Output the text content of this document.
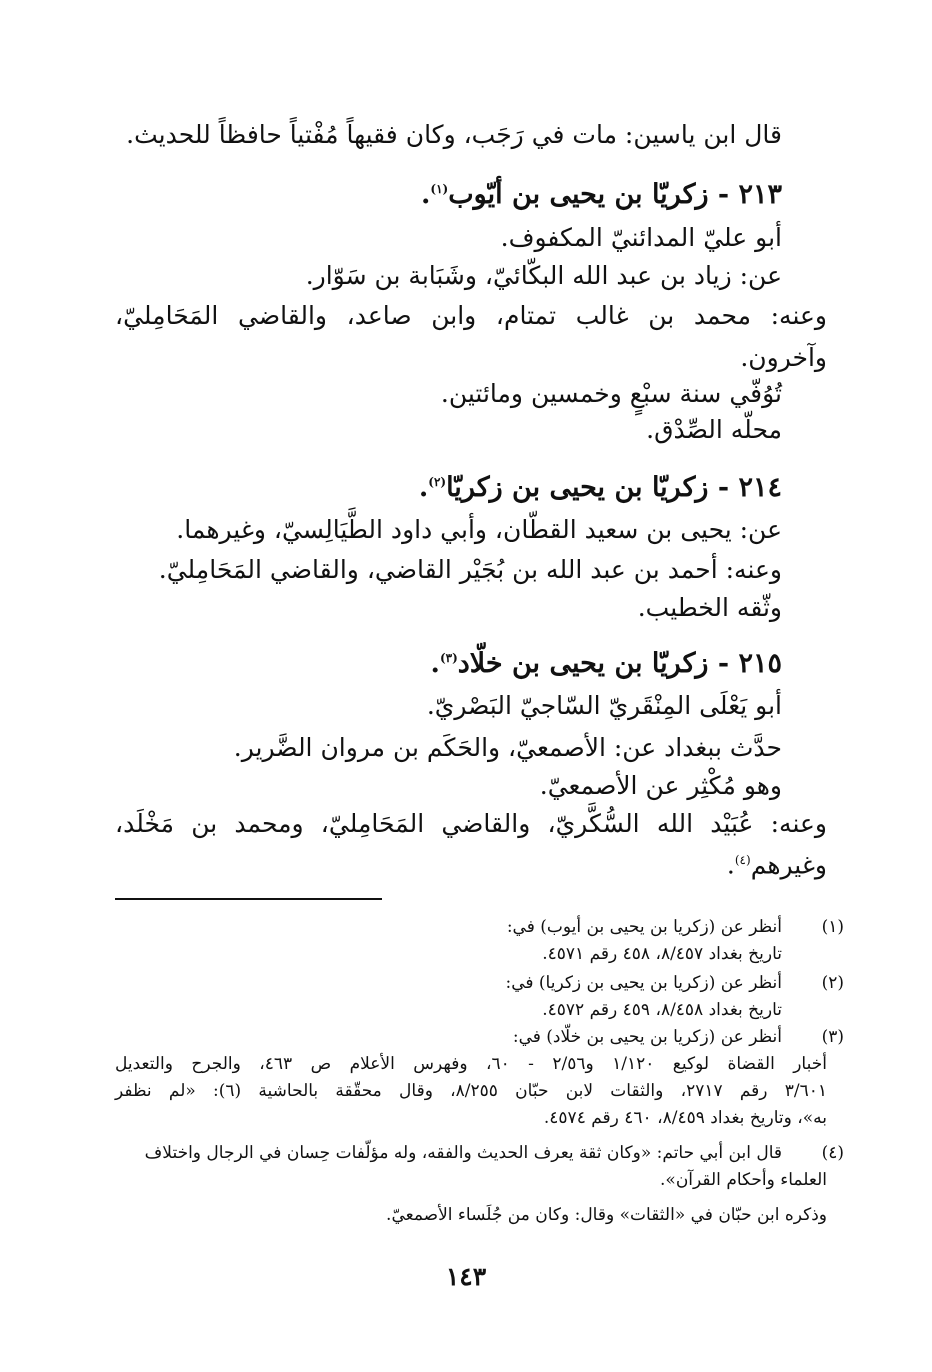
قال ابن ياسين: مات في رَجَب، وكان فقيهاً مُفْتياً حافظاً للحديث.
٢١٣ - زكريّا بن يحيى بن أيّوب$^{(١)}$.
أبو عليّ المدائنيّ المكفوف.
عن: زياد بن عبد الله البكّائيّ، وشَبَابة بن سَوّار.
وعنه: محمد بن غالب تمتام، وابن صاعد، والقاضي المَحَامِليّ،
وآخرون.
تُوُفّي سنة سبْعٍ وخمسين ومائتين.
محلّه الصِّدْق.
٢١٤ - زكريّا بن يحيى بن زكريّا$^{(٢)}$.
عن: يحيى بن سعيد القطّان، وأبي داود الطَّيَالِسيّ، وغيرهما.
وعنه: أحمد بن عبد الله بن بُجَيْر القاضي، والقاضي المَحَامِليّ.
وثّقه الخطيب.
٢١٥ - زكريّا بن يحيى بن خلّاد$^{(٣)}$.
أبو يَعْلَى المِنْقَريّ السّاجيّ البَصْريّ.
حدَّث ببغداد عن: الأصمعيّ، والحَكَم بن مروان الضَّرير.
وهو مُكْثِر عن الأصمعيّ.
وعنه: عُبَيْد الله السُّكَّريّ، والقاضي المَحَامِليّ، ومحمد بن مَخْلَد،
وغيرهم$^{(٤)}$.
(١)
أنظر عن (زكريا بن يحيى بن أيوب) في:
تاريخ بغداد ٨/٤٥٧، ٤٥٨ رقم ٤٥٧١.
(٢)
أنظر عن (زكريا بن يحيى بن زكريا) في:
تاريخ بغداد ٨/٤٥٨، ٤٥٩ رقم ٤٥٧٢.
(٣)
أنظر عن (زكريا بن يحيى بن خلّاد) في:
أخبار القضاة لوكيع ١/١٢٠ و٢/٥٦ - ٦٠، وفهرس الأعلام ص ٤٦٣، والجرح والتعديل
٣/٦٠١ رقم ٢٧١٧، والثقات لابن حبّان ٨/٢٥٥، وقال محقّقة بالحاشية (٦): «لم نظفر
به»، وتاريخ بغداد ٨/٤٥٩، ٤٦٠ رقم ٤٥٧٤.
(٤)
قال ابن أبي حاتم: «وكان ثقة يعرف الحديث والفقه، وله مؤلّفات حِسان في الرجال واختلاف
العلماء وأحكام القرآن».
وذكره ابن حبّان في «الثقات» وقال: وكان من جُلَساء الأصمعيّ.
١٤٣
